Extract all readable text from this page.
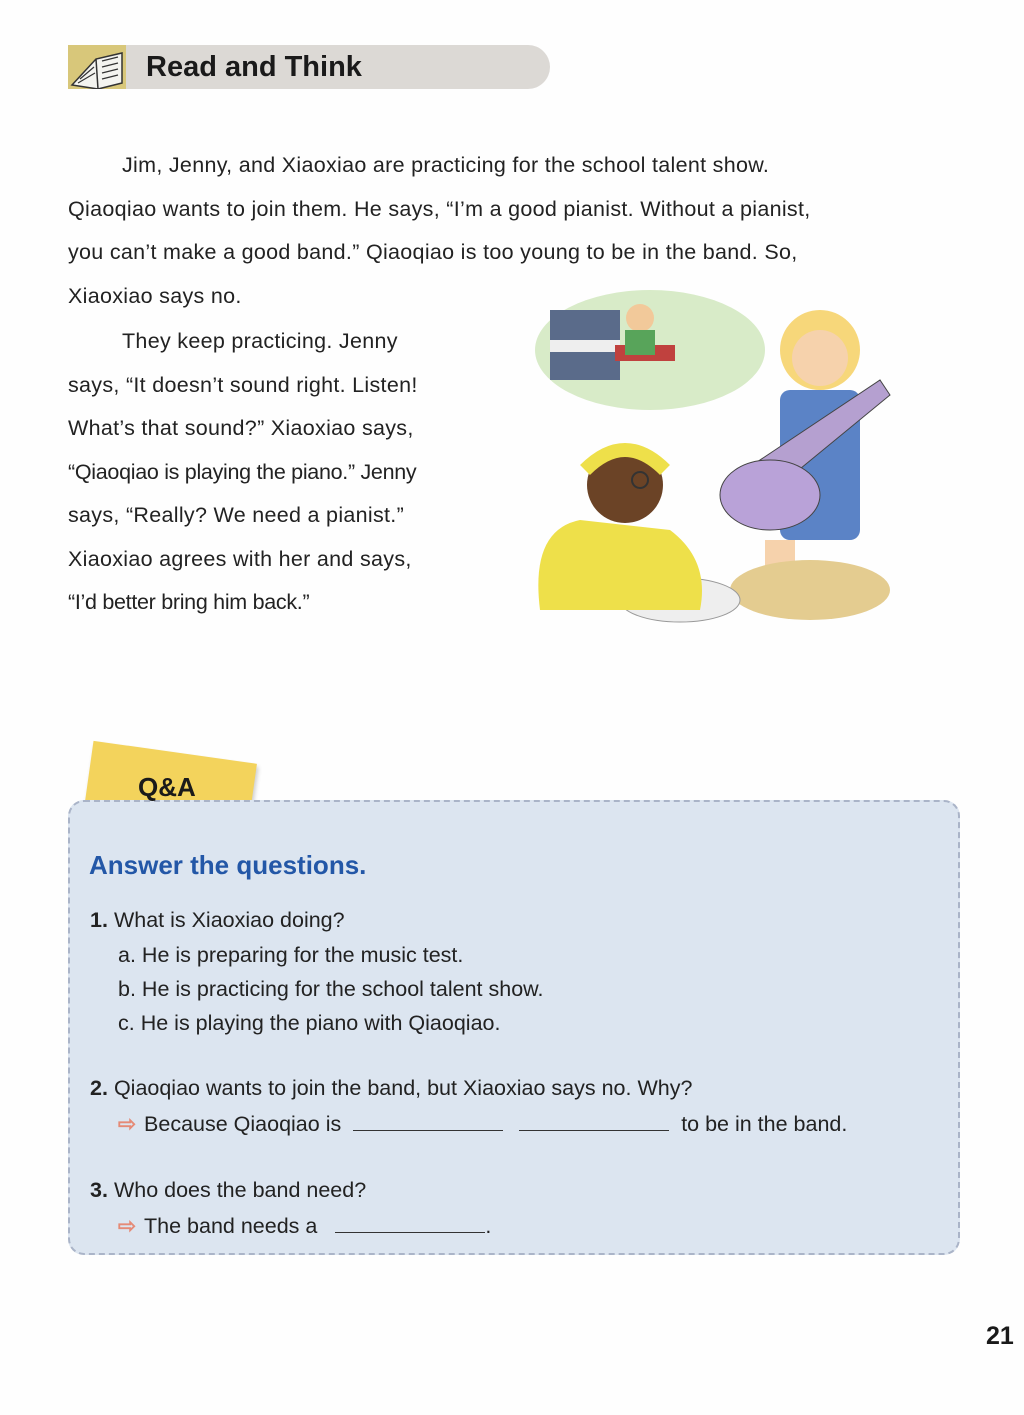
Read and Think
Jim, Jenny, and Xiaoxiao are practicing for the school talent show.
Qiaoqiao wants to join them. He says, “I’m a good pianist. Without a pianist,
you can’t make a good band.” Qiaoqiao is too young to be in the band. So,
Xiaoxiao says no.
They keep practicing. Jenny
says, “It doesn’t sound right. Listen!
What’s that sound?” Xiaoxiao says,
“Qiaoqiao is playing the piano.” Jenny
says, “Really? We need a pianist.”
Xiaoxiao agrees with her and says,
“I’d better bring him back.”
Q&A
Answer the questions.
1. What is Xiaoxiao doing?
a. He is preparing for the music test.
b. He is practicing for the school talent show.
c. He is playing the piano with Qiaoqiao.
2. Qiaoqiao wants to join the band, but Xiaoxiao says no. Why?
⇨ Because Qiaoqiao is	to be in the band.
3. Who does the band need?
⇨ The band needs a	.
21
